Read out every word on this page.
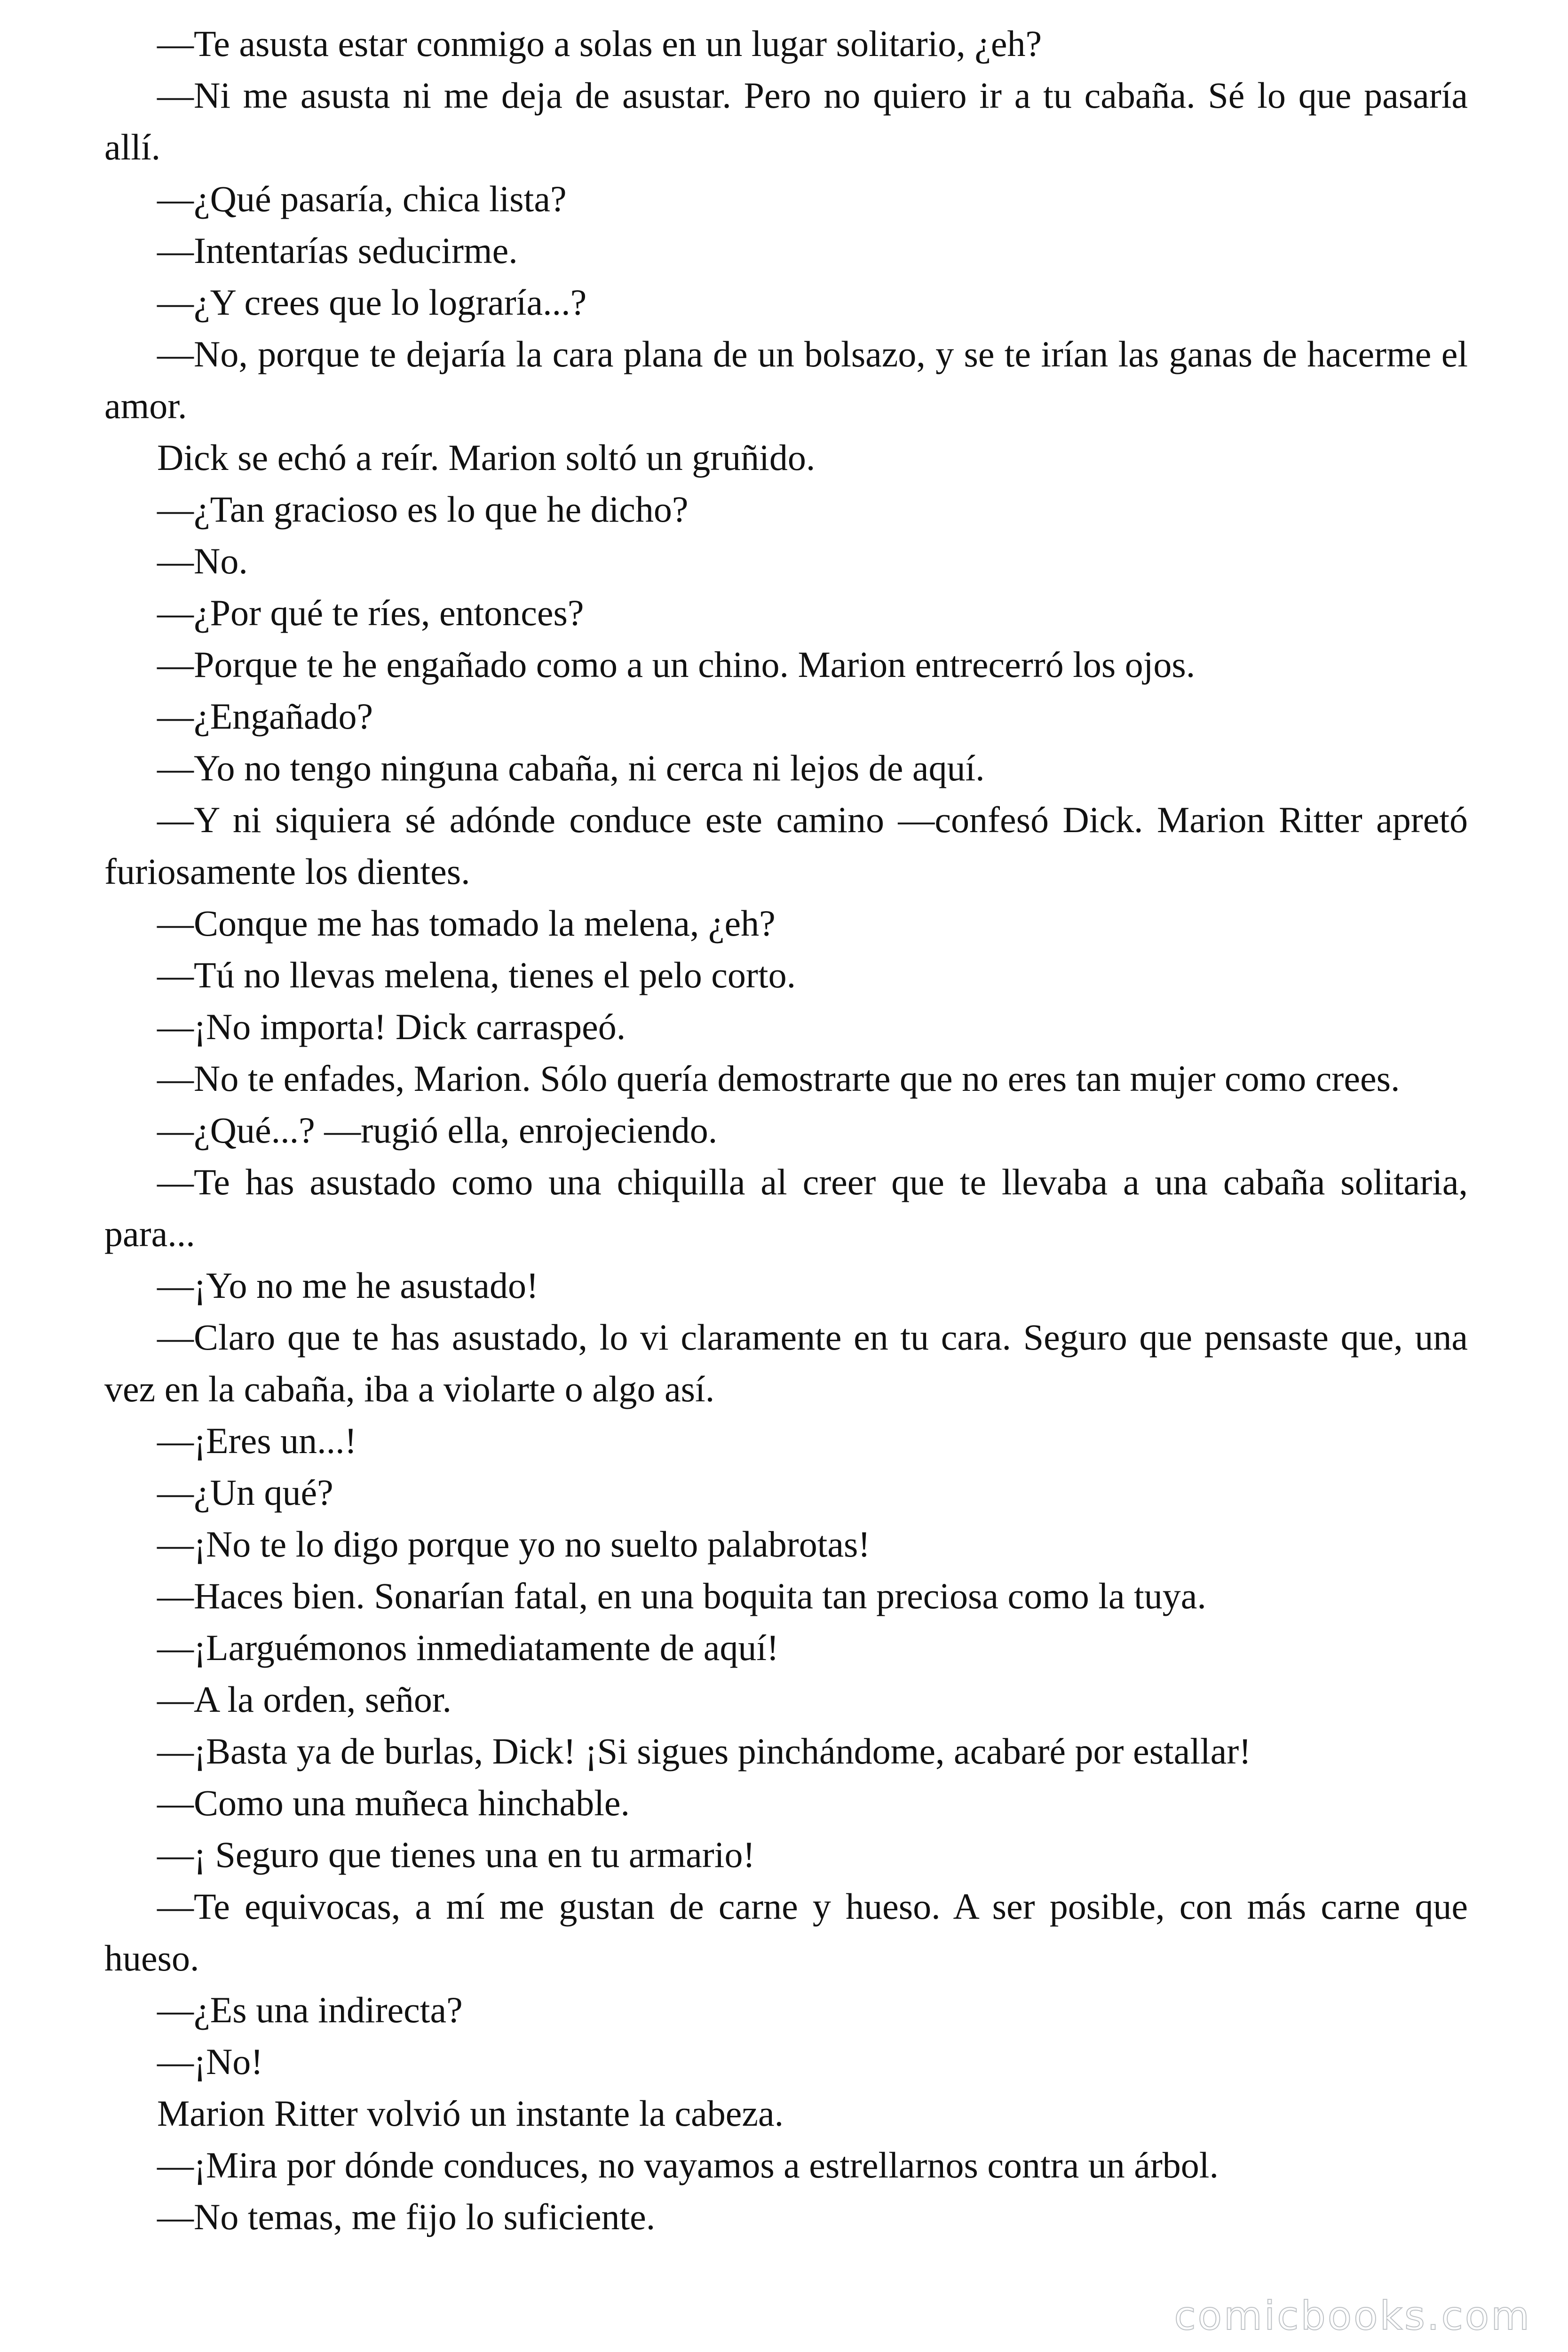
—Te asusta estar conmigo a solas en un lugar solitario, ¿eh?

—Ni me asusta ni me deja de asustar. Pero no quiero ir a tu cabaña. Sé lo que pasaría allí.

—¿Qué pasaría, chica lista?

—Intentarías seducirme.

—¿Y crees que lo lograría...?

—No, porque te dejaría la cara plana de un bolsazo, y se te irían las ganas de hacerme el amor.

Dick se echó a reír. Marion soltó un gruñido.

—¿Tan gracioso es lo que he dicho?

—No.

—¿Por qué te ríes, entonces?

—Porque te he engañado como a un chino. Marion entrecerró los ojos.

—¿Engañado?

—Yo no tengo ninguna cabaña, ni cerca ni lejos de aquí.

—Y ni siquiera sé adónde conduce este camino —confesó Dick. Marion Ritter apretó furiosamente los dientes.

—Conque me has tomado la melena, ¿eh?

—Tú no llevas melena, tienes el pelo corto.

—¡No importa! Dick carraspeó.

—No te enfades, Marion. Sólo quería demostrarte que no eres tan mujer como crees.

—¿Qué...? —rugió ella, enrojeciendo.

—Te has asustado como una chiquilla al creer que te llevaba a una cabaña solitaria, para...

—¡Yo no me he asustado!

—Claro que te has asustado, lo vi claramente en tu cara. Seguro que pensaste que, una vez en la cabaña, iba a violarte o algo así.

—¡Eres un...!

—¿Un qué?

—¡No te lo digo porque yo no suelto palabrotas!

—Haces bien. Sonarían fatal, en una boquita tan preciosa como la tuya.

—¡Larguémonos inmediatamente de aquí!

—A la orden, señor.

—¡Basta ya de burlas, Dick! ¡Si sigues pinchándome, acabaré por estallar!

—Como una muñeca hinchable.

—¡ Seguro que tienes una en tu armario!

—Te equivocas, a mí me gustan de carne y hueso. A ser posible, con más carne que hueso.

—¿Es una indirecta?

—¡No!

Marion Ritter volvió un instante la cabeza.

—¡Mira por dónde conduces, no vayamos a estrellarnos contra un árbol.

—No temas, me fijo lo suficiente.

comicbooks.com
